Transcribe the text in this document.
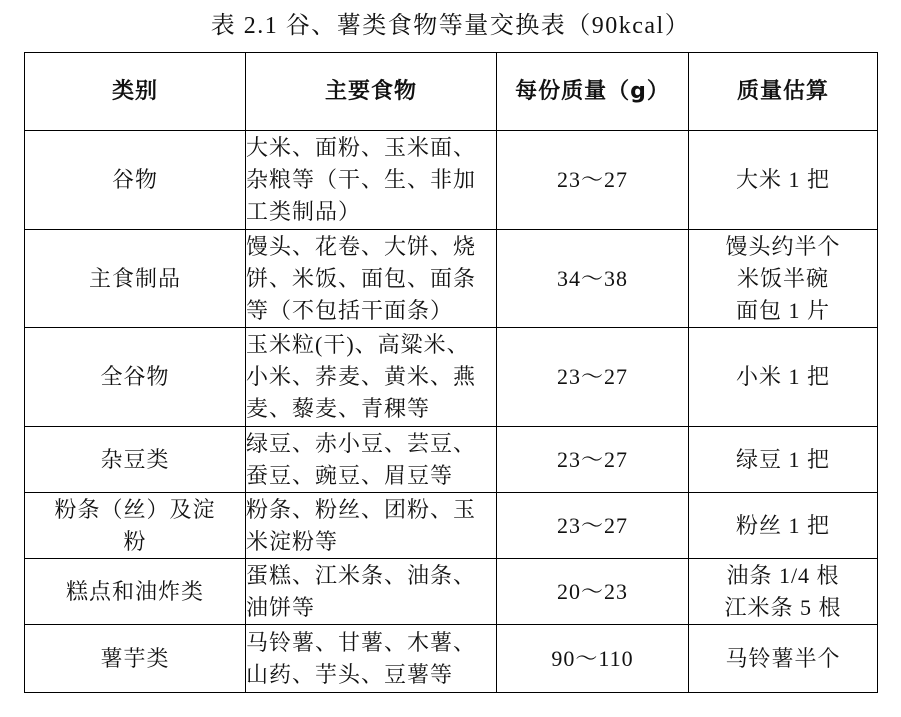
表 2.1 谷、薯类食物等量交换表（90kcal）
类别	主要食物	每份质量（g）	质量估算

谷物	大米、面粉、玉米面、
杂粮等（干、生、非加
工类制品）	23～27	大米 1 把

主食制品	馒头、花卷、大饼、烧
饼、米饭、面包、面条
等（不包括干面条）	34～38	馒头约半个
米饭半碗
面包 1 片

全谷物	玉米粒(干)、高粱米、
小米、荞麦、黄米、燕
麦、藜麦、青稞等	23～27	小米 1 把

杂豆类	绿豆、赤小豆、芸豆、
蚕豆、豌豆、眉豆等	23～27	绿豆 1 把

粉条（丝）及淀
粉	粉条、粉丝、团粉、玉
米淀粉等	23～27	粉丝 1 把

糕点和油炸类	蛋糕、江米条、油条、
油饼等	20～23	油条 1/4 根
江米条 5 根

薯芋类	马铃薯、甘薯、木薯、
山药、芋头、豆薯等	90～110	马铃薯半个
